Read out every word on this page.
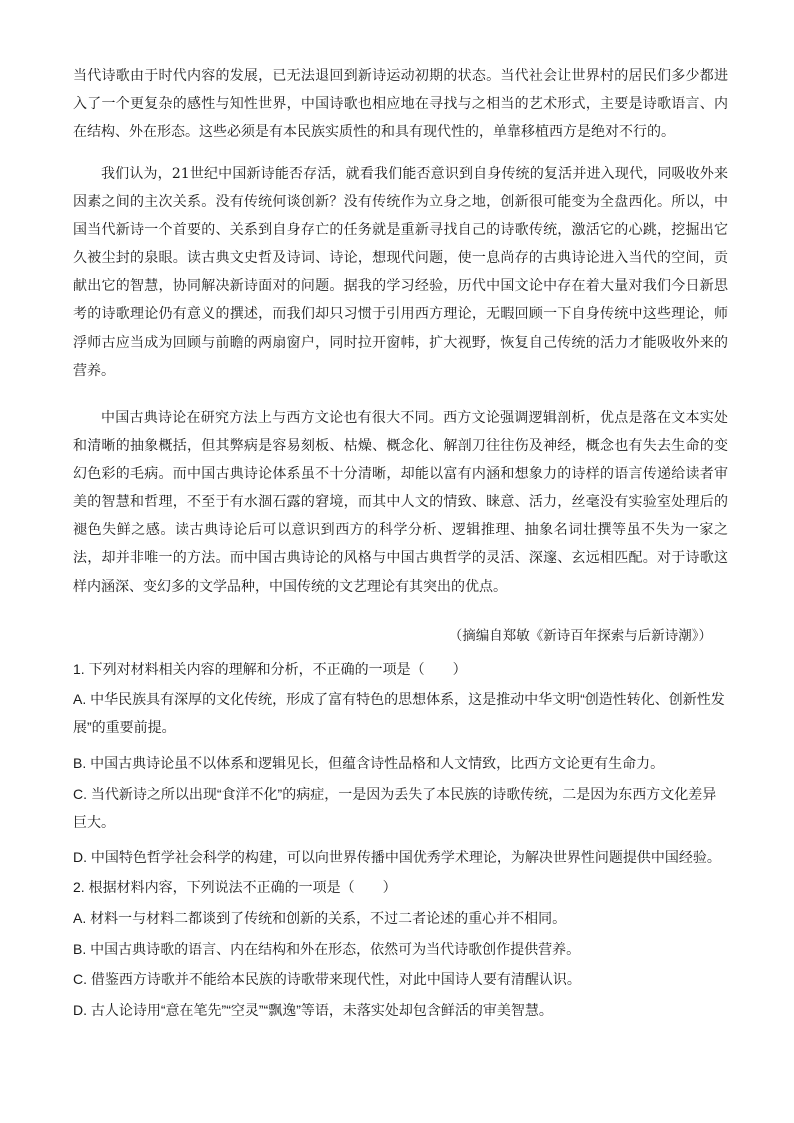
当代诗歌由于时代内容的发展，已无法退回到新诗运动初期的状态。当代社会让世界村的居民们多少都进入了一个更复杂的感性与知性世界，中国诗歌也相应地在寻找与之相当的艺术形式，主要是诗歌语言、内在结构、外在形态。这些必须是有本民族实质性的和具有现代性的，单靠移植西方是绝对不行的。

我们认为，21世纪中国新诗能否存活，就看我们能否意识到自身传统的复活并进入现代，同吸收外来因素之间的主次关系。没有传统何谈创新？没有传统作为立身之地，创新很可能变为全盘西化。所以，中国当代新诗一个首要的、关系到自身存亡的任务就是重新寻找自己的诗歌传统，激活它的心跳，挖掘出它久被尘封的泉眼。读古典文史哲及诗词、诗论，想现代问题，使一息尚存的古典诗论进入当代的空间，贡献出它的智慧，协同解决新诗面对的问题。据我的学习经验，历代中国文论中存在着大量对我们今日新思考的诗歌理论仍有意义的撰述，而我们却只习惯于引用西方理论，无暇回顾一下自身传统中这些理论，师浮师古应当成为回顾与前瞻的两扇窗户，同时拉开窗帏，扩大视野，恢复自己传统的活力才能吸收外来的营养。

中国古典诗论在研究方法上与西方文论也有很大不同。西方文论强调逻辑剖析，优点是落在文本实处和清晰的抽象概括，但其弊病是容易刻板、枯燥、概念化、解剖刀往往伤及神经，概念也有失去生命的变幻色彩的毛病。而中国古典诗论体系虽不十分清晰，却能以富有内涵和想象力的诗样的语言传递给读者审美的智慧和哲理，不至于有水涸石露的窘境，而其中人文的情致、睐意、活力，丝毫没有实验室处理后的褪色失鲜之感。读古典诗论后可以意识到西方的科学分析、逻辑推理、抽象名词壮撰等虽不失为一家之法，却并非唯一的方法。而中国古典诗论的风格与中国古典哲学的灵活、深邃、玄远相匹配。对于诗歌这样内涵深、变幻多的文学品种，中国传统的文艺理论有其突出的优点。

（摘编自郑敏《新诗百年探索与后新诗潮》）

1. 下列对材料相关内容的理解和分析，不正确的一项是（　　）

A. 中华民族具有深厚的文化传统，形成了富有特色的思想体系，这是推动中华文明“创造性转化、创新性发展”的重要前提。

B. 中国古典诗论虽不以体系和逻辑见长，但蕴含诗性品格和人文情致，比西方文论更有生命力。

C. 当代新诗之所以出现“食洋不化”的病症，一是因为丢失了本民族的诗歌传统，二是因为东西方文化差异巨大。

D. 中国特色哲学社会科学的构建，可以向世界传播中国优秀学术理论，为解决世界性问题提供中国经验。

2. 根据材料内容，下列说法不正确的一项是（　　）

A. 材料一与材料二都谈到了传统和创新的关系，不过二者论述的重心并不相同。

B. 中国古典诗歌的语言、内在结构和外在形态，依然可为当代诗歌创作提供营养。

C. 借鉴西方诗歌并不能给本民族的诗歌带来现代性，对此中国诗人要有清醒认识。

D. 古人论诗用“意在笔先”“空灵”“飘逸”等语，未落实处却包含鲜活的审美智慧。
